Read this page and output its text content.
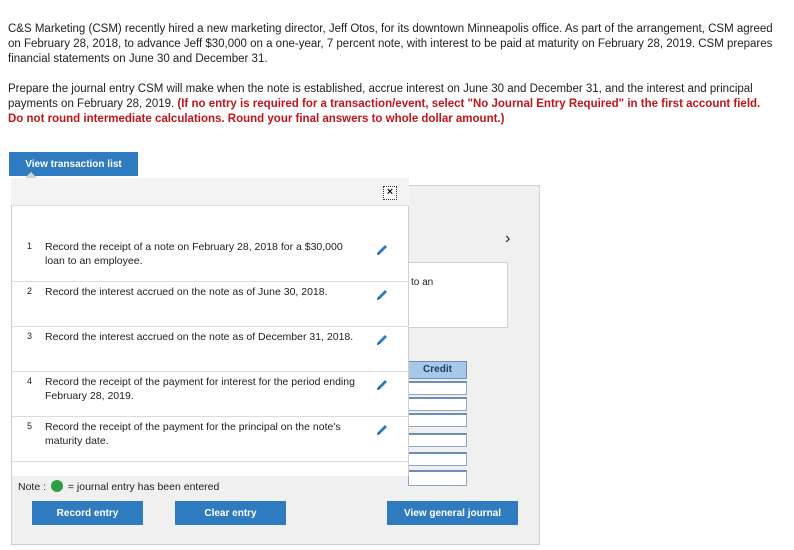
C&S Marketing (CSM) recently hired a new marketing director, Jeff Otos, for its downtown Minneapolis office. As part of the arrangement, CSM agreed on February 28, 2018, to advance Jeff $30,000 on a one-year, 7 percent note, with interest to be paid at maturity on February 28, 2019. CSM prepares financial statements on June 30 and December 31.

Prepare the journal entry CSM will make when the note is established, accrue interest on June 30 and December 31, and the interest and principal payments on February 28, 2019. (If no entry is required for a transaction/event, select "No Journal Entry Required" in the first account field. Do not round intermediate calculations. Round your final answers to whole dollar amount.)

View transaction list
›
to an
Credit
View general journal
×
1 Record the receipt of a note on February 28, 2018 for a $30,000 loan to an employee.
2 Record the interest accrued on the note as of June 30, 2018.
3 Record the interest accrued on the note as of December 31, 2018.
4 Record the receipt of the payment for interest for the period ending February 28, 2019.
5 Record the receipt of the payment for the principal on the note's maturity date.
Note : = journal entry has been entered
Record entry	Clear entry
